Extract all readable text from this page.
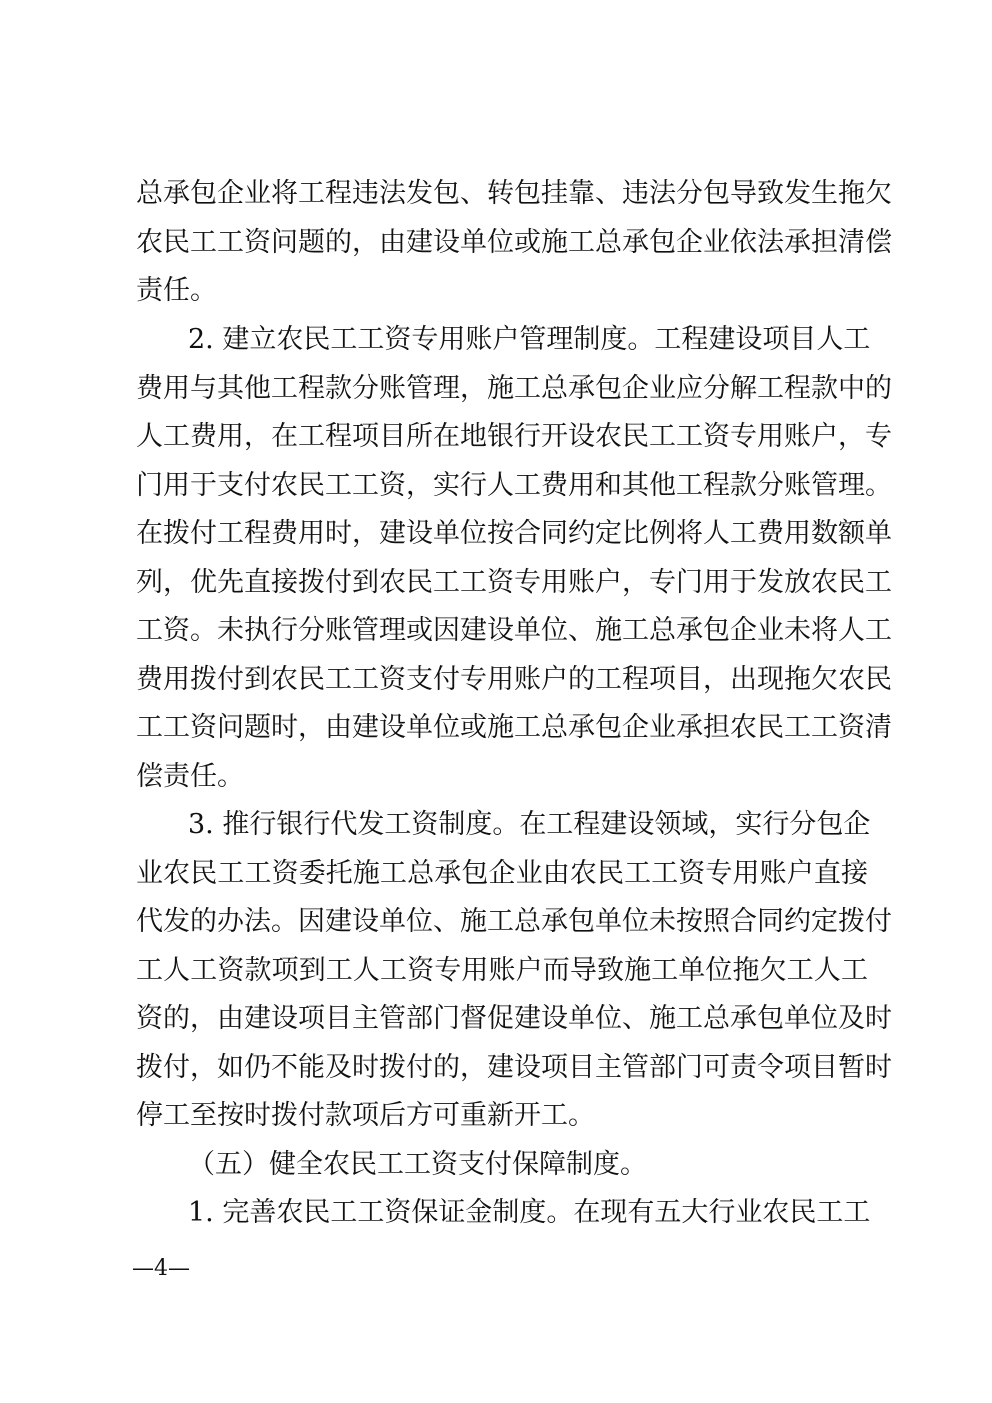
总承包企业将工程违法发包、转包挂靠、违法分包导致发生拖欠
农民工工资问题的，由建设单位或施工总承包企业依法承担清偿
责任。
2. 建立农民工工资专用账户管理制度。工程建设项目人工
费用与其他工程款分账管理，施工总承包企业应分解工程款中的
人工费用，在工程项目所在地银行开设农民工工资专用账户，专
门用于支付农民工工资，实行人工费用和其他工程款分账管理。
在拨付工程费用时，建设单位按合同约定比例将人工费用数额单
列，优先直接拨付到农民工工资专用账户，专门用于发放农民工
工资。未执行分账管理或因建设单位、施工总承包企业未将人工
费用拨付到农民工工资支付专用账户的工程项目，出现拖欠农民
工工资问题时，由建设单位或施工总承包企业承担农民工工资清
偿责任。
3. 推行银行代发工资制度。在工程建设领域，实行分包企
业农民工工资委托施工总承包企业由农民工工资专用账户直接
代发的办法。因建设单位、施工总承包单位未按照合同约定拨付
工人工资款项到工人工资专用账户而导致施工单位拖欠工人工
资的，由建设项目主管部门督促建设单位、施工总承包单位及时
拨付，如仍不能及时拨付的，建设项目主管部门可责令项目暂时
停工至按时拨付款项后方可重新开工。
（五）健全农民工工资支付保障制度。
1. 完善农民工工资保证金制度。在现有五大行业农民工工
—4—
